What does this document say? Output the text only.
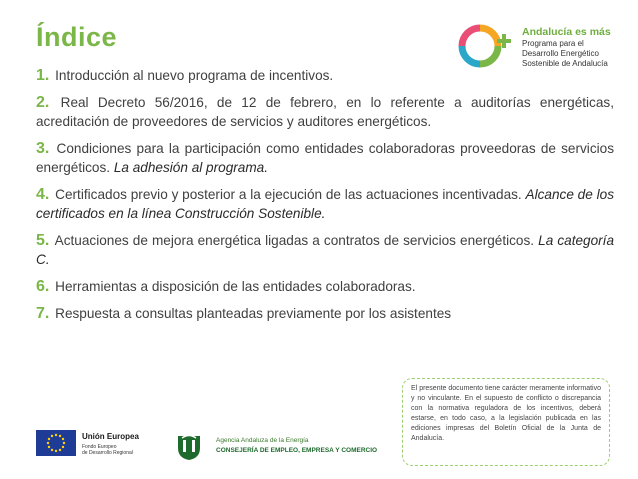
Índice	Andalucía es más
Programa para el
Desarrollo Energético
Sostenible de Andalucía
1. Introducción al nuevo programa de incentivos.
2. Real Decreto 56/2016, de 12 de febrero, en lo referente a auditorías energéticas, acreditación de proveedores de servicios y auditores energéticos.
3. Condiciones para la participación como entidades colaboradoras proveedoras de servicios energéticos. La adhesión al programa.
4. Certificados previo y posterior a la ejecución de las actuaciones incentivadas. Alcance de los certificados en la línea Construcción Sostenible.
5. Actuaciones de mejora energética ligadas a contratos de servicios energéticos. La categoría C.
6. Herramientas a disposición de las entidades colaboradoras.
7. Respuesta a consultas planteadas previamente por los asistentes

El presente documento tiene carácter meramente informativo y no vinculante. En el supuesto de conflicto o discrepancia con la normativa reguladora de los incentivos, deberá estarse, en todo caso, a la legislación publicada en las ediciones impresas del Boletín Oficial de la Junta de Andalucía.

Unión Europea
Fondo Europeo
de Desarrollo Regional
Agencia Andaluza de la Energía
CONSEJERÍA DE EMPLEO, EMPRESA Y COMERCIO
